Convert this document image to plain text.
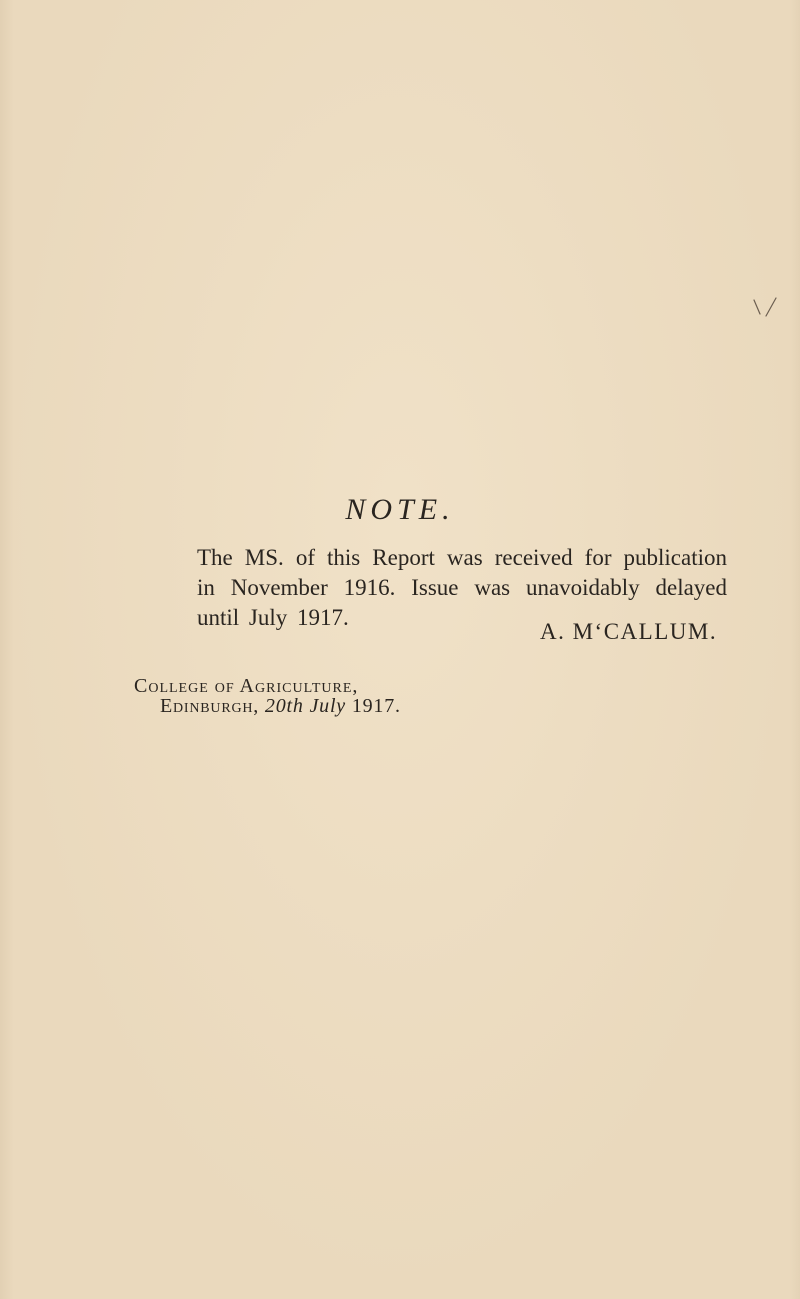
NOTE.

The MS. of this Report was received for publication in November 1916. Issue was unavoidably delayed until July 1917.

A. M‘CALLUM.

College of Agriculture,

Edinburgh, 20th July 1917.
